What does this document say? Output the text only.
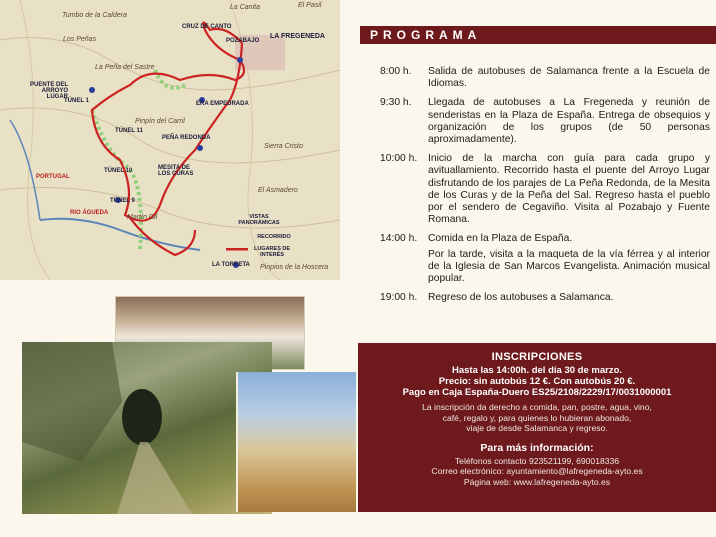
Tumbo de la Caldera
La Canita	El Pasil
Los Peñas	LA FREGENEDA
La Peña del Sastre
PORTUGAL
RIO ÁGUEDA
Pinpín del Carril
Sierra Cristo
El Asmadero
Martín Gil
Pinpios de la Hoscera
CRUZ DE CANTO
POZABAJO
PUENTE DEL ARROYO LUGAR
TÚNEL 1	ERA EMPEDRADA
TÚNEL 11
PEÑA REDONDA
MESITA DE LOS CURAS
TÚNEL 10
TÚNEL 9
LA TORRETA
VISTAS PANORÁMICAS
RECORRIDO
LUGARES DE INTERÉS
PROGRAMA
8:00 h.	Salida de autobuses de Salamanca frente a la Escuela de Idiomas.

9:30 h.	Llegada de autobuses a La Fregeneda y reunión de senderistas en la Plaza de España. Entrega de obsequios y organización de los grupos (de 50 personas aproximadamente).

10:00 h.	Inicio de la marcha con guía para cada grupo y avituallamiento. Recorrido hasta el puente del Arroyo Lugar disfrutando de los parajes de La Peña Redonda, de la Mesita de los Curas y de la Peña del Sal. Regreso hasta el pueblo por el sendero de Cegaviño. Visita al Pozabajo y Fuente Romana.

14:00 h.	Comida en la Plaza de España.

Por la tarde, visita a la maqueta de la vía férrea y al interior de la Iglesia de San Marcos Evangelista. Animación musical popular.

19:00 h.	Regreso de los autobuses a Salamanca.

INSCRIPCIONES
Hasta las 14:00h. del día 30 de marzo.
Precio: sin autobús 12 €. Con autobús 20 €.
Pago en Caja España-Duero ES25/2108/2229/17/0031000001
La inscripción da derecho a comida, pan, postre, agua, vino,
café, regalo y, para quienes lo hubieran abonado,
viaje de desde Salamanca y regreso.
Para más información:
Teléfonos contacto 923521199, 690018336
Correo electrónico: ayuntamiento@lafregeneda-ayto.es
Página web: www.lafregeneda-ayto.es
